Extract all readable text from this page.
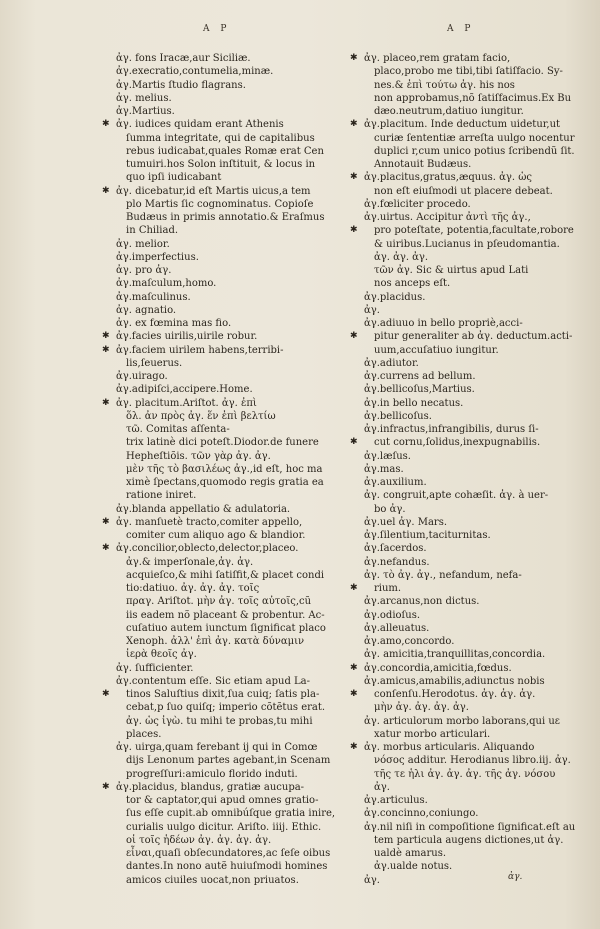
A P	A P
ἀγ. fons Iracæ,aur Siciliæ.
ἀγ.execratio,contumelia,minæ.
ἀγ.Martis ſtudio flagrans.
ἀγ. melius.
ἀγ.Martius.
✱ ἀγ. iudices quidam erant Athenis
ſumma integritate, qui de capitalibus
rebus iudicabat,quales Romæ erat Cen
tumuiri.hos Solon inſtituit, & locus in
quo ipſi iudicabant
✱ ἀγ. dicebatur,id eſt Martis uicus,a tem
plo Martis ſic cognominatus. Copioſe
Budæus in primis annotatio.& Eraſmus
in Chiliad.
ἀγ. melior.
ἀγ.imperfectius.
ἀγ. pro ἀγ.
ἀγ.maſculum,homo.
ἀγ.maſculinus.
ἀγ. agnatio.
ἀγ. ex fœmina mas fio.
✱ ἀγ.facies uirilis,uirile robur.
✱ ἀγ.faciem uirilem habens,terribi-
lis,ſeuerus.
ἀγ.uirago.
ἀγ.adipiſci,accipere.Home.
✱ ἀγ. placitum.Ariſtot. ἀγ. ἐπὶ
ὅλ. ἀν πρὸς ἀγ. ἕν ἐπὶ βελτίω
τῶ. Comitas aſſenta-
trix latinè dici poteſt.Diodor.de funere
Hepheſtiõis. τῶν γὰρ ἀγ. ἀγ.
μὲν τῆς τὸ βασιλέως ἀγ.,id eſt, hoc ma
ximè ſpectans,quomodo regis gratia ea
ratione iniret.
ἀγ.blanda appellatio & adulatoria.
✱ ἀγ. manſuetè tracto,comiter appello,
comiter cum aliquo ago & blandior.
✱ ἀγ.concilior,oblecto,delector,placeo.
ἀγ.& imperſonale,ἀγ. ἀγ.
acquieſco,& mihi ſatiſfit,& placet condi
tio:datiuo. ἀγ. ἀγ. ἀγ. τοῖς
πραγ. Ariſtot. μὴν ἀγ. τοῖς αὐτοῖς,cũ
iis eadem nõ placeant & probentur. Ac-
cuſatiuo autem iunctum ſignificat placo
Xenoph. ἀλλ' ἐπὶ ἀγ. κατὰ δύναμιν
ἱερὰ θεοῖς ἀγ.
ἀγ. ſufficienter.
ἀγ.contentum eſſe. Sic etiam apud La-
✱ tinos Saluſtius dixit,ſua cuiq; ſatis pla-
cebat,p ſuo quiſq; imperio cõtẽtus erat.
ἀγ. ὡς ἰγὼ. tu mihi te probas,tu mihi
places.
ἀγ. uirga,quam ferebant ij qui in Comœ
dijs Lenonum partes agebant,in Scenam
progreſſuri:amiculo florido induti.
✱ ἀγ.placidus, blandus, gratiæ aucupa-
tor & captator,qui apud omnes gratio-
ſus eſſe cupit.ab omnibúſque gratia inire,
curialis uulgo dicitur. Ariſto. iiij. Ethic.
οἱ τοῖς ἡδέων ἀγ. ἀγ. ἀγ. ἀγ.
εἶναι,quaſi obſecundatores,ac ſeſe oibus
dantes.In nono autẽ huiuſmodi homines
amicos ciuiles uocat,non priuatos.
✱ ἀγ. placeo,rem gratam facio,
placo,probo me tibi,tibi ſatiſfacio. Sy-
nes.& ἐπὶ τούτω ἀγ. his nos
non approbamus,nõ ſatiſfacimus.Ex Bu
dæo.neutrum,datiuo iungitur.
✱ ἀγ.placitum. Inde deductum uidetur,ut
curiæ ſententiæ arreſta uulgo nocentur
duplici r,cum unico potius ſcribendũ ſit.
Annotauit Budæus.
✱ ἀγ.placitus,gratus,æquus. ἀγ. ὡς
non eſt eiuſmodi ut placere debeat.
ἀγ.fœliciter procedo.
ἀγ.uirtus. Accipitur ἀντὶ τῆς ἀγ.,
✱ pro poteſtate, potentia,facultate,robore
& uiribus.Lucianus in pſeudomantia.
ἀγ. ἀγ. ἀγ.
τῶν ἀγ. Sic & uirtus apud Lati
nos anceps eſt.
ἀγ.placidus.
ἀγ.
ἀγ.adiuuo in bello propriè,acci-
✱ pitur generaliter ab ἀγ. deductum.acti-
uum,accuſatiuo iungitur.
ἀγ.adiutor.
ἀγ.currens ad bellum.
ἀγ.bellicoſus,Martius.
ἀγ.in bello necatus.
ἀγ.bellicoſus.
ἀγ.infractus,infrangibilis, durus ſi-
✱ cut cornu,ſolidus,inexpugnabilis.
ἀγ.læſus.
ἀγ.mas.
ἀγ.auxilium.
ἀγ. congruit,apte cohæſit. ἀγ. à uer-
bo ἀγ.
ἀγ.uel ἀγ. Mars.
ἀγ.ſilentium,taciturnitas.
ἀγ.ſacerdos.
ἀγ.nefandus.
ἀγ. τὸ ἀγ. ἀγ., nefandum, nefa-
✱ rium.
ἀγ.arcanus,non dictus.
ἀγ.odioſus.
ἀγ.alleuatus.
ἀγ.amo,concordo.
ἀγ. amicitia,tranquillitas,concordia.
✱ ἀγ.concordia,amicitia,fœdus.
ἀγ.amicus,amabilis,adiunctus nobis
✱ conſenſu.Herodotus. ἀγ. ἀγ. ἀγ.
μὴν ἀγ. ἀγ. ἀγ. ἀγ.
ἀγ. articulorum morbo laborans,qui uε
xatur morbo articulari.
✱ ἀγ. morbus articularis. Aliquando
νόσος additur. Herodianus libro.iij. ἀγ.
τῆς τε ἡλι ἀγ. ἀγ. ἀγ. τῆς ἀγ. νόσου
ἀγ.
ἀγ.articulus.
ἀγ.concinno,coniungo.
ἀγ.nil niſi in compoſitione ſignificat.eſt au
tem particula augens dictiones,ut ἀγ.
ualdè amarus.
ἀγ.ualde notus.
ἀγ.	ἀγ.
